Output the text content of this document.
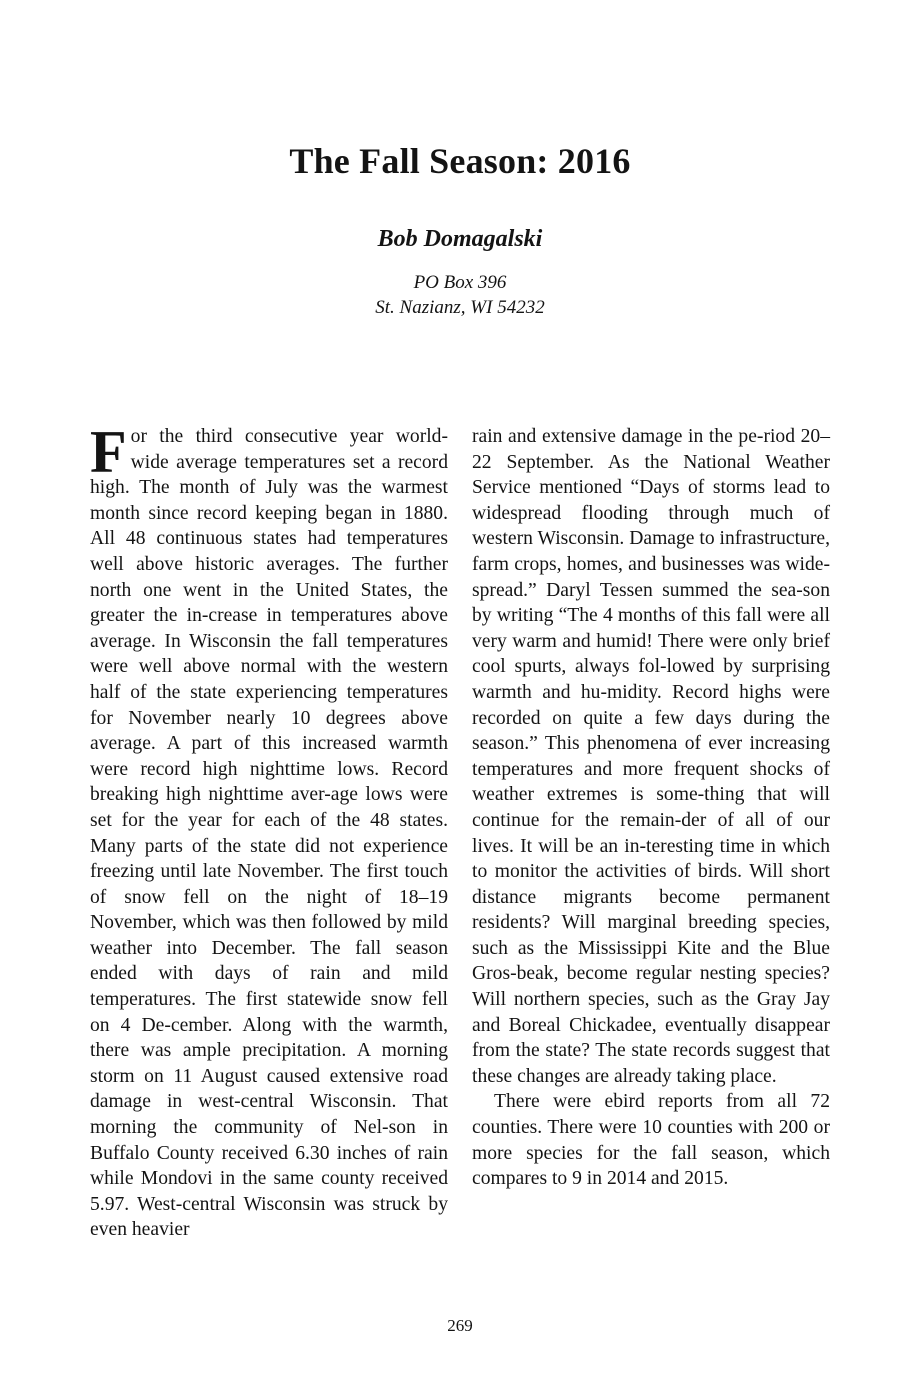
The Fall Season: 2016
Bob Domagalski

PO Box 396

St. Nazianz, WI 54232

For the third consecutive year world-wide average temperatures set a record high. The month of July was the warmest month since record keeping began in 1880. All 48 continuous states had temperatures well above historic averages. The further north one went in the United States, the greater the in-crease in temperatures above average. In Wisconsin the fall temperatures were well above normal with the western half of the state experiencing temperatures for November nearly 10 degrees above average. A part of this increased warmth were record high nighttime lows. Record breaking high nighttime aver-age lows were set for the year for each of the 48 states. Many parts of the state did not experience freezing until late November. The first touch of snow fell on the night of 18–19 November, which was then followed by mild weather into December. The fall season ended with days of rain and mild temperatures. The first statewide snow fell on 4 De-cember. Along with the warmth, there was ample precipitation. A morning storm on 11 August caused extensive road damage in west-central Wisconsin. That morning the community of Nel-son in Buffalo County received 6.30 inches of rain while Mondovi in the same county received 5.97. West-central Wisconsin was struck by even heavier

rain and extensive damage in the pe-riod 20–22 September. As the National Weather Service mentioned “Days of storms lead to widespread flooding through much of western Wisconsin. Damage to infrastructure, farm crops, homes, and businesses was wide-spread.” Daryl Tessen summed the sea-son by writing “The 4 months of this fall were all very warm and humid! There were only brief cool spurts, always fol-lowed by surprising warmth and hu-midity. Record highs were recorded on quite a few days during the season.” This phenomena of ever increasing temperatures and more frequent shocks of weather extremes is some-thing that will continue for the remain-der of all of our lives. It will be an in-teresting time in which to monitor the activities of birds. Will short distance migrants become permanent residents? Will marginal breeding species, such as the Mississippi Kite and the Blue Gros-beak, become regular nesting species? Will northern species, such as the Gray Jay and Boreal Chickadee, eventually disappear from the state? The state records suggest that these changes are already taking place.

There were ebird reports from all 72 counties. There were 10 counties with 200 or more species for the fall season, which compares to 9 in 2014 and 2015.

269
